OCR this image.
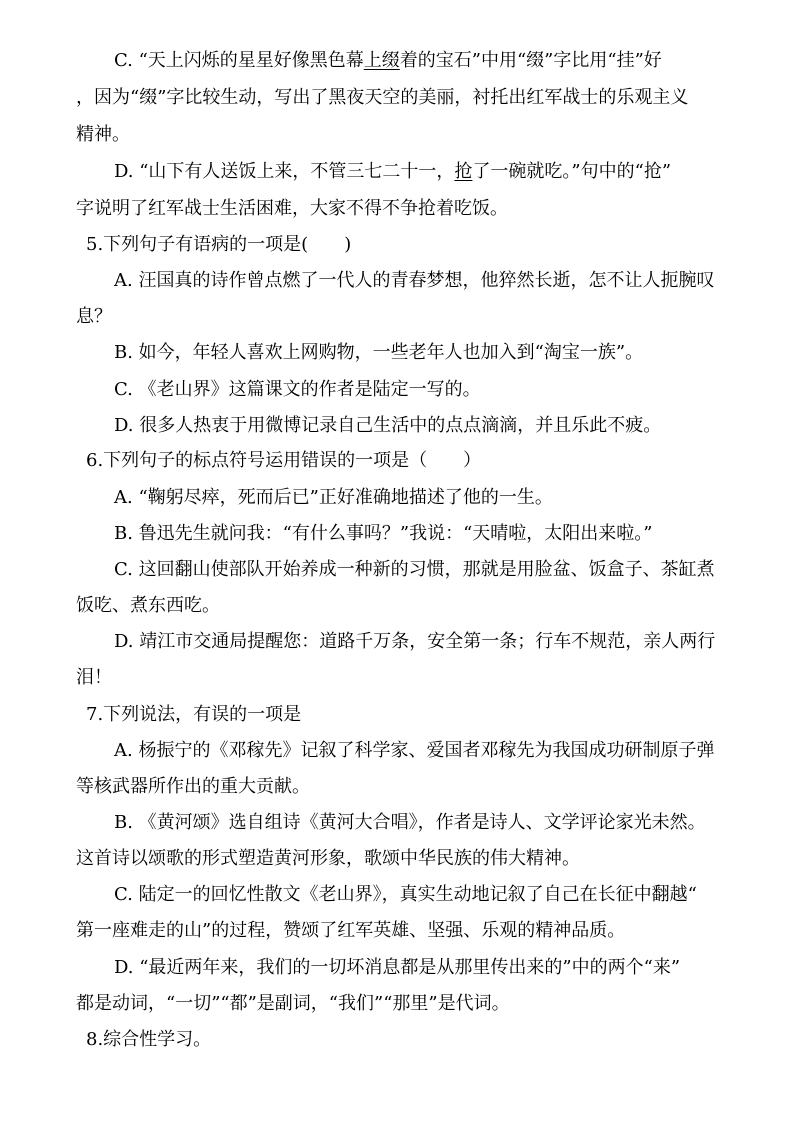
C. “天上闪烁的星星好像黑色幕上缀着的宝石”中用“缀”字比用“挂”好
，因为“缀”字比较生动，写出了黑夜天空的美丽，衬托出红军战士的乐观主义
精神。
D. “山下有人送饭上来，不管三七二十一，抢了一碗就吃。”句中的“抢”
字说明了红军战士生活困难，大家不得不争抢着吃饭。
5.下列句子有语病的一项是(　　)
A. 汪国真的诗作曾点燃了一代人的青春梦想，他猝然长逝，怎不让人扼腕叹
息？
B. 如今，年轻人喜欢上网购物，一些老年人也加入到“淘宝一族”。
C. 《老山界》这篇课文的作者是陆定一写的。
D. 很多人热衷于用微博记录自己生活中的点点滴滴，并且乐此不疲。
6.下列句子的标点符号运用错误的一项是（　　）
A. “鞠躬尽瘁，死而后已”正好准确地描述了他的一生。
B. 鲁迅先生就问我：“有什么事吗？”我说：“天晴啦，太阳出来啦。”
C. 这回翻山使部队开始养成一种新的习惯，那就是用脸盆、饭盒子、茶缸煮
饭吃、煮东西吃。
D. 靖江市交通局提醒您：道路千万条，安全第一条；行车不规范，亲人两行
泪！
7.下列说法，有误的一项是
A. 杨振宁的《邓稼先》记叙了科学家、爱国者邓稼先为我国成功研制原子弹
等核武器所作出的重大贡献。
B. 《黄河颂》选自组诗《黄河大合唱》，作者是诗人、文学评论家光未然。
这首诗以颂歌的形式塑造黄河形象，歌颂中华民族的伟大精神。
C. 陆定一的回忆性散文《老山界》，真实生动地记叙了自己在长征中翻越“
第一座难走的山”的过程，赞颂了红军英雄、坚强、乐观的精神品质。
D. “最近两年来，我们的一切坏消息都是从那里传出来的”中的两个“来”
都是动词，“一切”“都”是副词，“我们”“那里”是代词。
8.综合性学习。
